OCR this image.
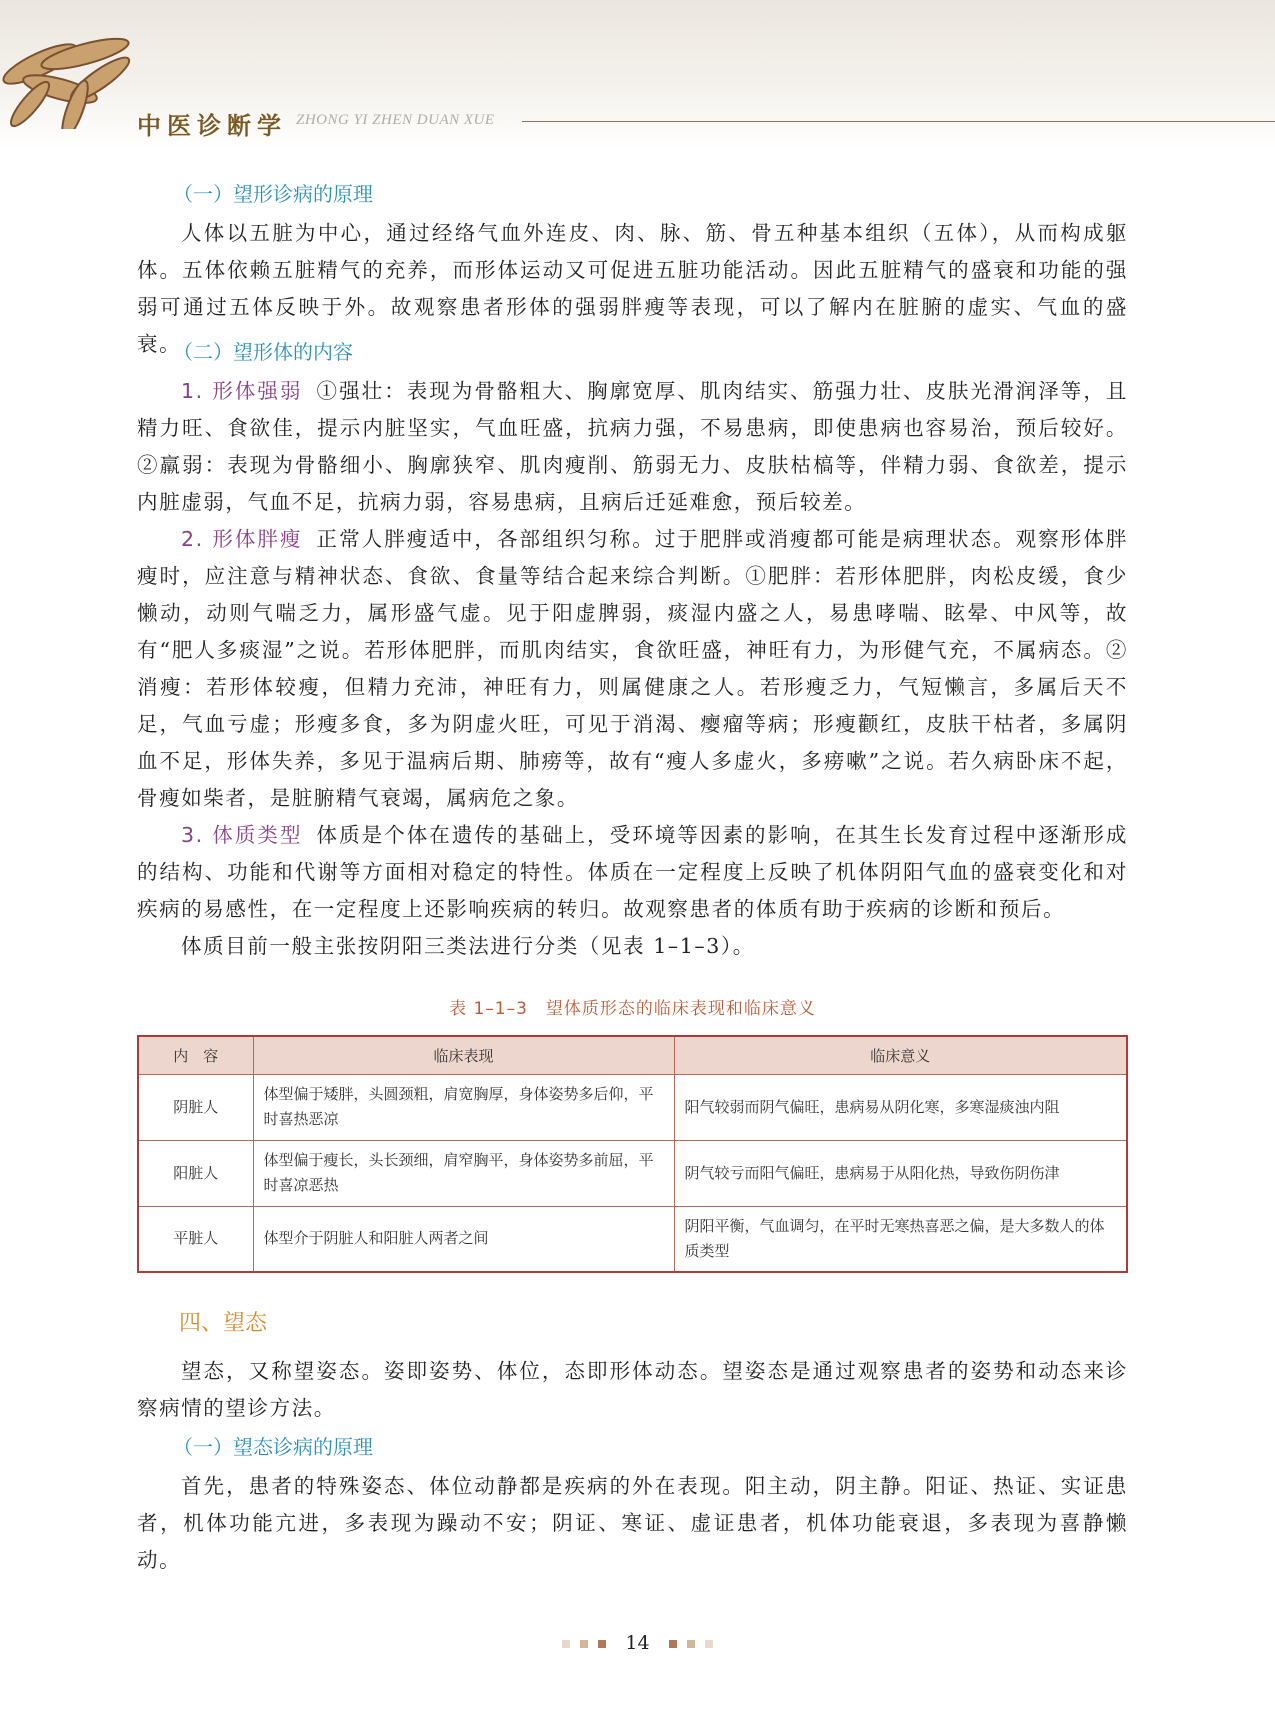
中医诊断学 ZHONG YI ZHEN DUAN XUE
（一）望形诊病的原理

人体以五脏为中心，通过经络气血外连皮、肉、脉、筋、骨五种基本组织（五体），从而构成躯体。五体依赖五脏精气的充养，而形体运动又可促进五脏功能活动。因此五脏精气的盛衰和功能的强弱可通过五体反映于外。故观察患者形体的强弱胖瘦等表现，可以了解内在脏腑的虚实、气血的盛衰。

（二）望形体的内容

1. 形体强弱 ①强壮：表现为骨骼粗大、胸廓宽厚、肌肉结实、筋强力壮、皮肤光滑润泽等，且精力旺、食欲佳，提示内脏坚实，气血旺盛，抗病力强，不易患病，即使患病也容易治，预后较好。②羸弱：表现为骨骼细小、胸廓狭窄、肌肉瘦削、筋弱无力、皮肤枯槁等，伴精力弱、食欲差，提示内脏虚弱，气血不足，抗病力弱，容易患病，且病后迁延难愈，预后较差。

2. 形体胖瘦 正常人胖瘦适中，各部组织匀称。过于肥胖或消瘦都可能是病理状态。观察形体胖瘦时，应注意与精神状态、食欲、食量等结合起来综合判断。①肥胖：若形体肥胖，肉松皮缓，食少懒动，动则气喘乏力，属形盛气虚。见于阳虚脾弱，痰湿内盛之人，易患哮喘、眩晕、中风等，故有“肥人多痰湿”之说。若形体肥胖，而肌肉结实，食欲旺盛，神旺有力，为形健气充，不属病态。②消瘦：若形体较瘦，但精力充沛，神旺有力，则属健康之人。若形瘦乏力，气短懒言，多属后天不足，气血亏虚；形瘦多食，多为阴虚火旺，可见于消渴、瘿瘤等病；形瘦颧红，皮肤干枯者，多属阴血不足，形体失养，多见于温病后期、肺痨等，故有“瘦人多虚火，多痨嗽”之说。若久病卧床不起，骨瘦如柴者，是脏腑精气衰竭，属病危之象。

3. 体质类型 体质是个体在遗传的基础上，受环境等因素的影响，在其生长发育过程中逐渐形成的结构、功能和代谢等方面相对稳定的特性。体质在一定程度上反映了机体阴阳气血的盛衰变化和对疾病的易感性，在一定程度上还影响疾病的转归。故观察患者的体质有助于疾病的诊断和预后。

体质目前一般主张按阴阳三类法进行分类（见表 1–1–3）。

表 1–1–3　望体质形态的临床表现和临床意义
内　容	临床表现	临床意义
阴脏人	体型偏于矮胖，头圆颈粗，肩宽胸厚，身体姿势多后仰，平时喜热恶凉	阳气较弱而阴气偏旺，患病易从阴化寒，多寒湿痰浊内阻
阳脏人	体型偏于瘦长，头长颈细，肩窄胸平，身体姿势多前屈，平时喜凉恶热	阴气较亏而阳气偏旺，患病易于从阳化热，导致伤阴伤津
平脏人	体型介于阴脏人和阳脏人两者之间	阴阳平衡，气血调匀，在平时无寒热喜恶之偏，是大多数人的体质类型
四、望态

望态，又称望姿态。姿即姿势、体位，态即形体动态。望姿态是通过观察患者的姿势和动态来诊察病情的望诊方法。

（一）望态诊病的原理

首先，患者的特殊姿态、体位动静都是疾病的外在表现。阳主动，阴主静。阳证、热证、实证患者，机体功能亢进，多表现为躁动不安；阴证、寒证、虚证患者，机体功能衰退，多表现为喜静懒动。

14
